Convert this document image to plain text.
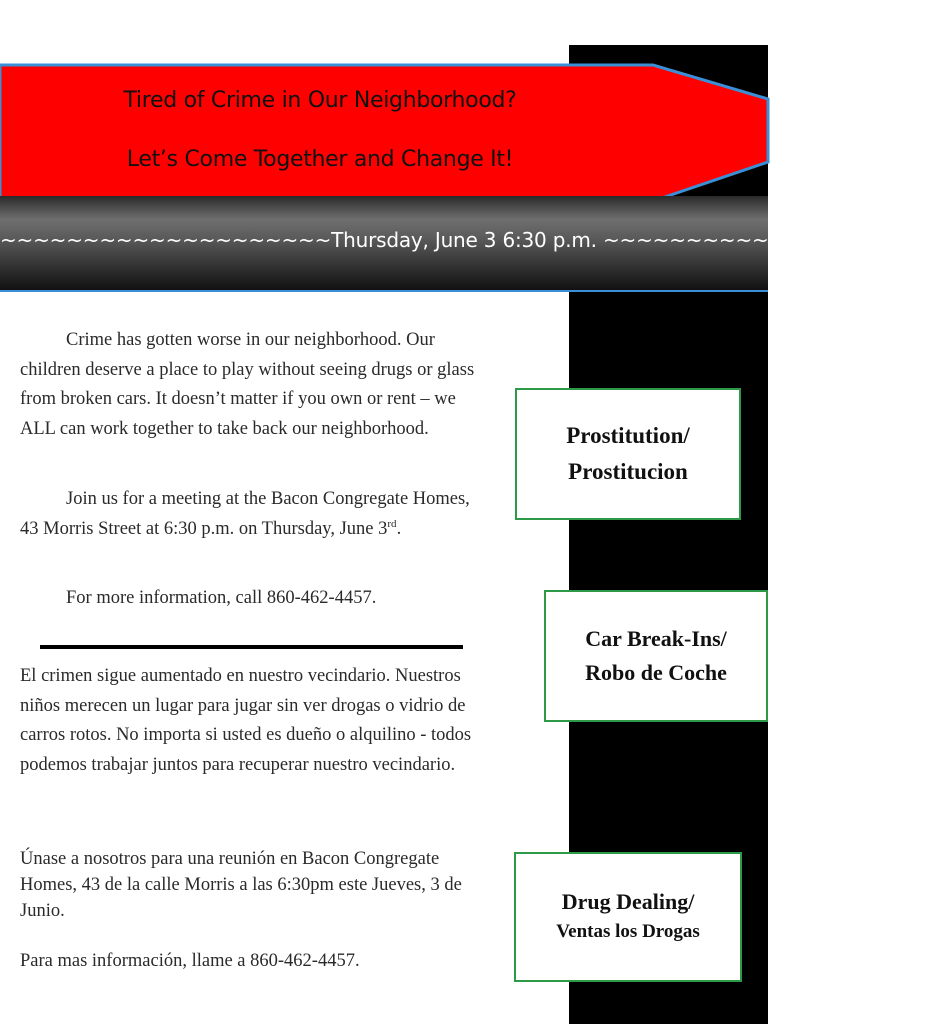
Tired of Crime in Our Neighborhood?
Let’s Come Together and Change It!
~~~~~~~~~~~~~~~~~~~~Thursday, June 3 6:30 p.m. ~~~~~~~~~~~~~~~~~~~~

Crime has gotten worse in our neighborhood. Our children deserve a place to play without seeing drugs or glass from broken cars. It doesn’t matter if you own or rent – we ALL can work together to take back our neighborhood.

Join us for a meeting at the Bacon Congregate Homes, 43 Morris Street at 6:30 p.m. on Thursday, June 3rd.

For more information, call 860-462-4457.

El crimen sigue aumentado en nuestro vecindario. Nuestros niños merecen un lugar para jugar sin ver drogas o vidrio de carros rotos. No importa si usted es dueño o alquilino - todos podemos trabajar juntos para recuperar nuestro vecindario.

Únase a nosotros para una reunión en Bacon Congregate Homes, 43 de la calle Morris a las 6:30pm este Jueves, 3 de Junio.

Para mas información, llame a 860-462-4457.

Prostitution/
Prostitucion
Car Break-Ins/
Robo de Coche
Drug Dealing/
Ventas los Drogas
